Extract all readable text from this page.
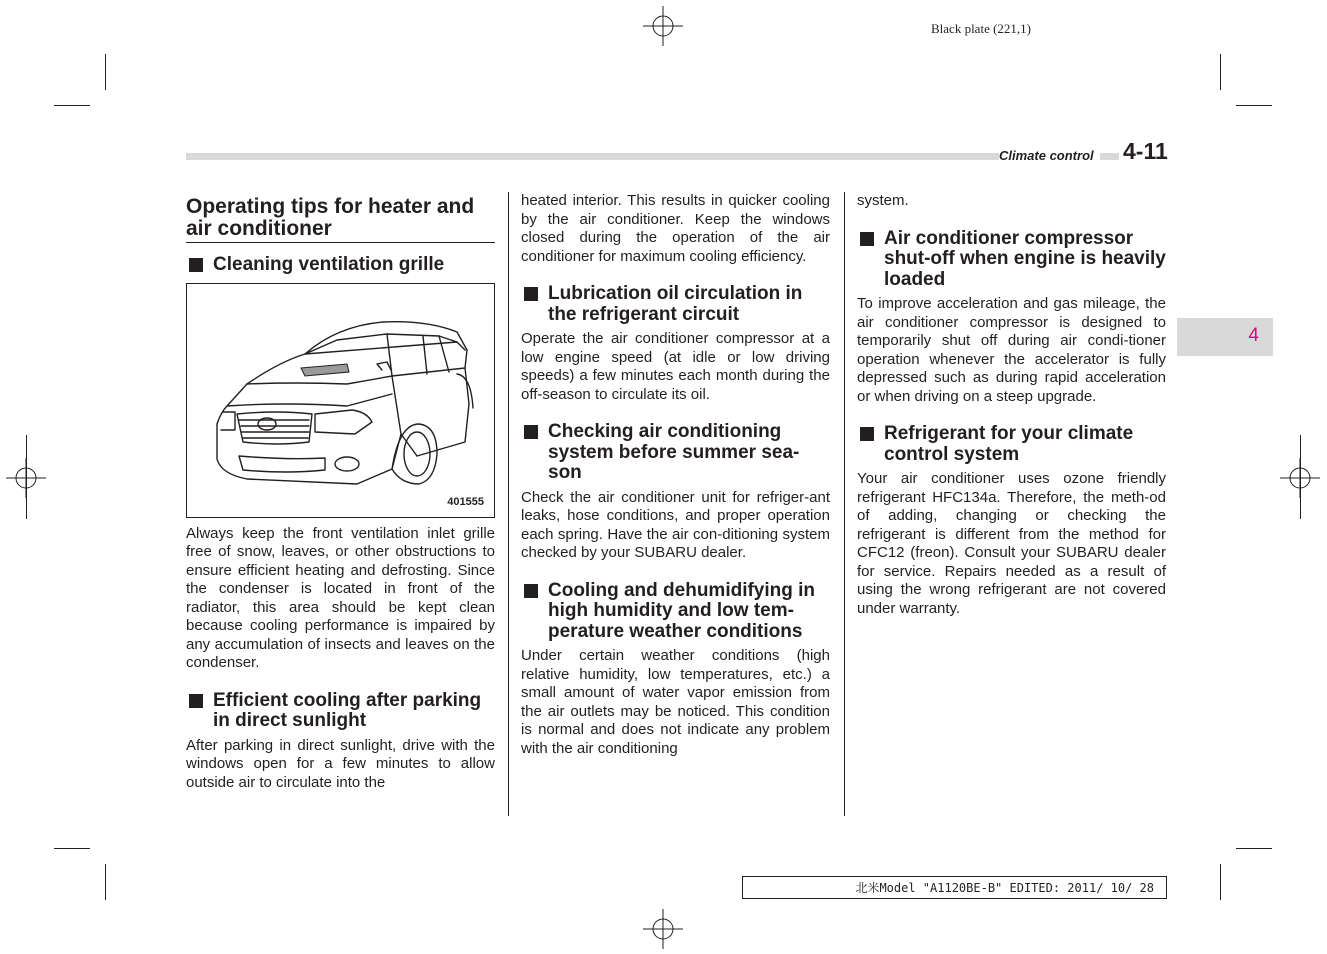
Black plate (221,1)
Climate control 4-11
4
Operating tips for heater and air conditioner
Cleaning ventilation grille
401555

Always keep the front ventilation inlet grille free of snow, leaves, or other obstructions to ensure efficient heating and defrosting. Since the condenser is located in front of the radiator, this area should be kept clean because cooling performance is impaired by any accumulation of insects and leaves on the condenser.

Efficient cooling after parking in direct sunlight

After parking in direct sunlight, drive with the windows open for a few minutes to allow outside air to circulate into the

heated interior. This results in quicker cooling by the air conditioner. Keep the windows closed during the operation of the air conditioner for maximum cooling efficiency.

Lubrication oil circulation in the refrigerant circuit

Operate the air conditioner compressor at a low engine speed (at idle or low driving speeds) a few minutes each month during the off-season to circulate its oil.

Checking air conditioning system before summer sea-son

Check the air conditioner unit for refriger-ant leaks, hose conditions, and proper operation each spring. Have the air con-ditioning system checked by your SUBARU dealer.

Cooling and dehumidifying in high humidity and low tem-perature weather conditions

Under certain weather conditions (high relative humidity, low temperatures, etc.) a small amount of water vapor emission from the air outlets may be noticed. This condition is normal and does not indicate any problem with the air conditioning

system.

Air conditioner compressor shut-off when engine is heavily loaded

To improve acceleration and gas mileage, the air conditioner compressor is designed to temporarily shut off during air condi-tioner operation whenever the accelerator is fully depressed such as during rapid acceleration or when driving on a steep upgrade.

Refrigerant for your climate control system

Your air conditioner uses ozone friendly refrigerant HFC134a. Therefore, the meth-od of adding, changing or checking the refrigerant is different from the method for CFC12 (freon). Consult your SUBARU dealer for service. Repairs needed as a result of using the wrong refrigerant are not covered under warranty.

北米Model "A1120BE-B" EDITED: 2011/ 10/ 28
